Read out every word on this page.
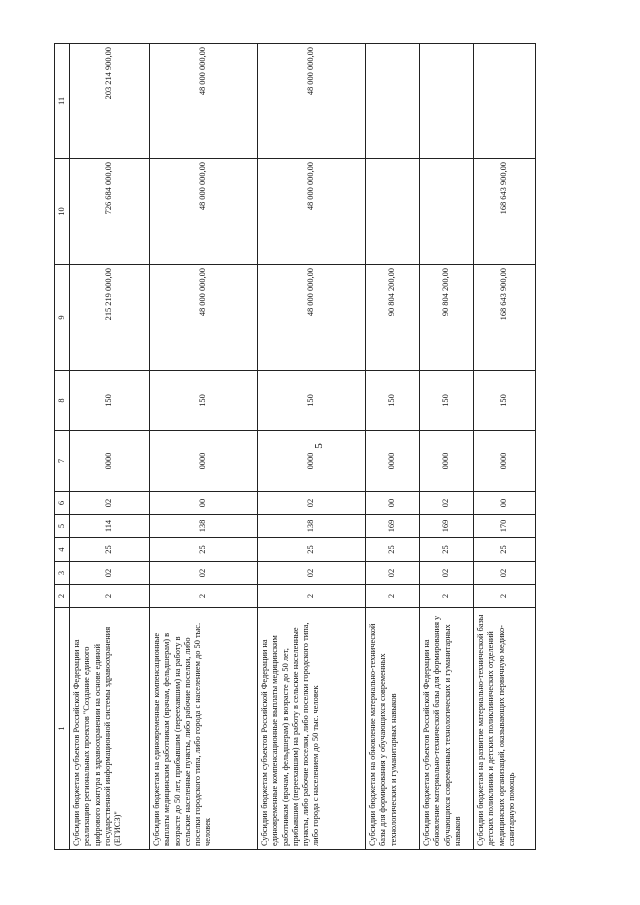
5
1	2	3	4	5	6	7	8	9	10	11
Субсидии бюджетам субъектов Российской Федерации на реализацию региональных проектов "Создание единого цифрового контура в здравоохранении на основе единой государственной информационной системы здравоохранения (ЕГИСЗ)"	2	02	25	114	02	0000	150	215 219 000,00	726 684 000,00	203 214 900,00
Субсидии бюджетам на единовременные компенсационные выплаты медицинским работникам (врачам, фельдшерам) в возрасте до 50 лет, прибывшим (переехавшим) на работу в сельские населенные пункты, либо рабочие поселки, либо поселки городского типа, либо города с населением до 50 тыс. человек	2	02	25	138	00	0000	150	48 000 000,00	48 000 000,00	48 000 000,00
Субсидии бюджетам субъектов Российской Федерации на единовременные компенсационные выплаты медицинским работникам (врачам, фельдшерам) в возрасте до 50 лет, прибывшим (переехавшим) на работу в сельские населенные пункты, либо рабочие поселки, либо поселки городского типа, либо города с населением до 50 тыс. человек	2	02	25	138	02	0000	150	48 000 000,00	48 000 000,00	48 000 000,00
Субсидии бюджетам на обновление материально-технической базы для формирования у обучающихся современных технологических и гуманитарных навыков	2	02	25	169	00	0000	150	90 804 200,00		
Субсидии бюджетам субъектов Российской Федерации на обновление материально-технической базы для формирования у обучающихся современных технологических и гуманитарных навыков	2	02	25	169	02	0000	150	90 804 200,00		
Субсидии бюджетам на развитие материально-технической базы детских поликлиник и детских поликлинических отделений медицинских организаций, оказывающих первичную медико-санитарную помощь	2	02	25	170	00	0000	150	168 643 900,00	168 643 900,00	
